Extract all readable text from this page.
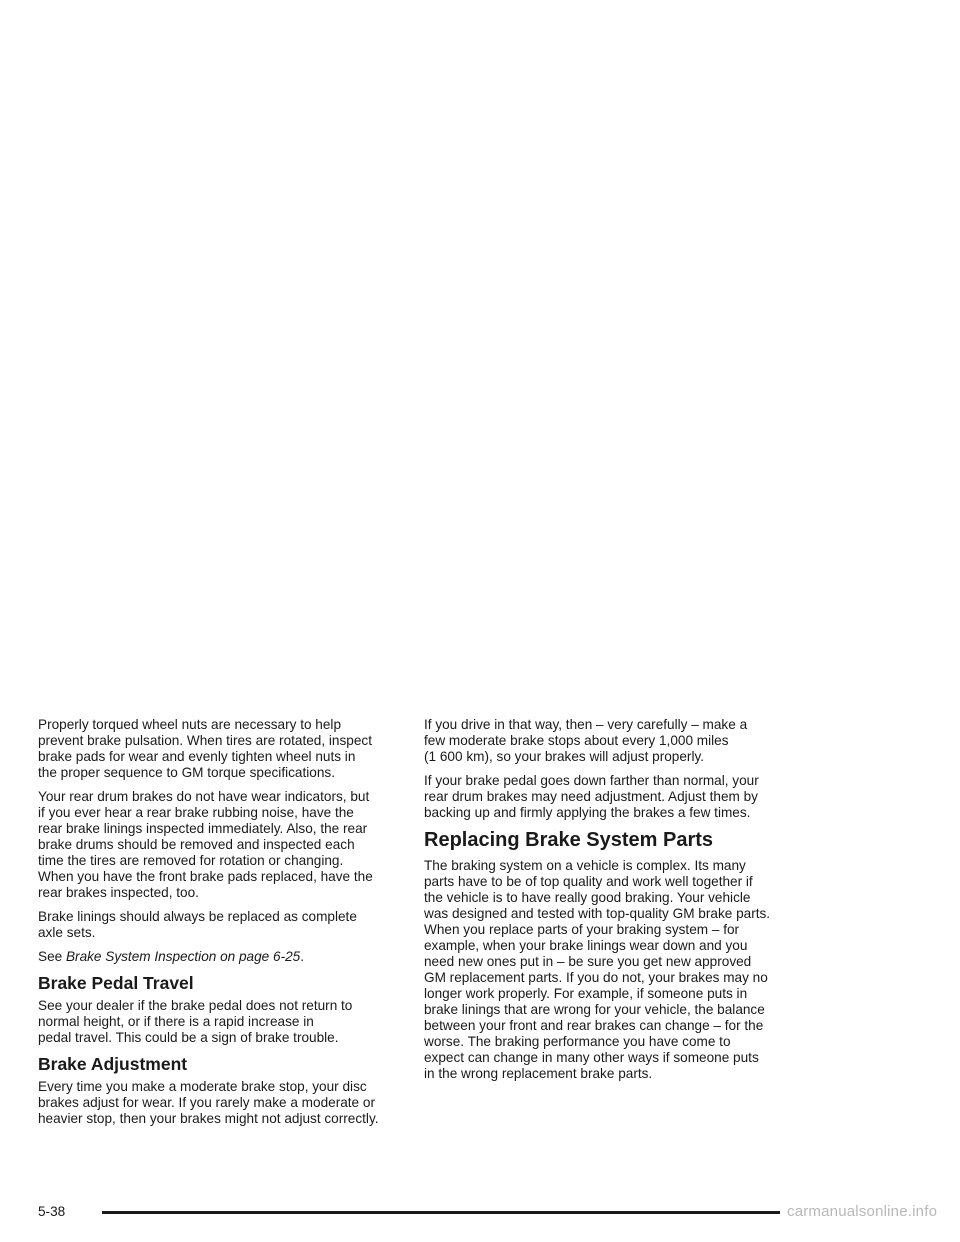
Properly torqued wheel nuts are necessary to help
prevent brake pulsation. When tires are rotated, inspect
brake pads for wear and evenly tighten wheel nuts in
the proper sequence to GM torque specifications.

Your rear drum brakes do not have wear indicators, but
if you ever hear a rear brake rubbing noise, have the
rear brake linings inspected immediately. Also, the rear
brake drums should be removed and inspected each
time the tires are removed for rotation or changing.
When you have the front brake pads replaced, have the
rear brakes inspected, too.

Brake linings should always be replaced as complete
axle sets.

See Brake System Inspection on page 6-25.

Brake Pedal Travel

See your dealer if the brake pedal does not return to
normal height, or if there is a rapid increase in
pedal travel. This could be a sign of brake trouble.

Brake Adjustment

Every time you make a moderate brake stop, your disc
brakes adjust for wear. If you rarely make a moderate or
heavier stop, then your brakes might not adjust correctly.

If you drive in that way, then – very carefully – make a
few moderate brake stops about every 1,000 miles
(1 600 km), so your brakes will adjust properly.

If your brake pedal goes down farther than normal, your
rear drum brakes may need adjustment. Adjust them by
backing up and firmly applying the brakes a few times.

Replacing Brake System Parts

The braking system on a vehicle is complex. Its many
parts have to be of top quality and work well together if
the vehicle is to have really good braking. Your vehicle
was designed and tested with top-quality GM brake parts.
When you replace parts of your braking system – for
example, when your brake linings wear down and you
need new ones put in – be sure you get new approved
GM replacement parts. If you do not, your brakes may no
longer work properly. For example, if someone puts in
brake linings that are wrong for your vehicle, the balance
between your front and rear brakes can change – for the
worse. The braking performance you have come to
expect can change in many other ways if someone puts
in the wrong replacement brake parts.

5-38	carmanualsonline.info
